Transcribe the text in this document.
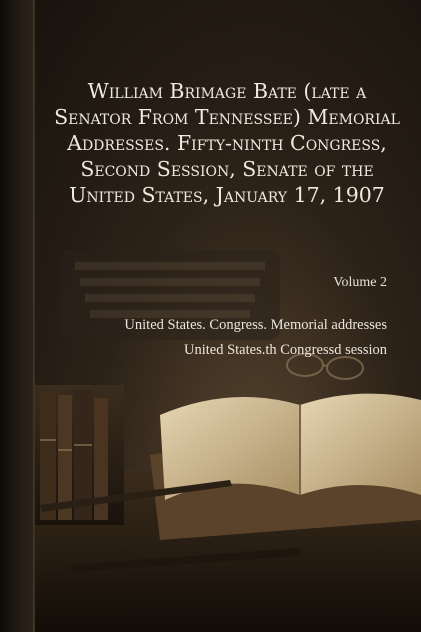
William Brimage Bate (late a Senator From Tennessee) Memorial Addresses. Fifty-ninth Congress, Second Session, Senate of the United States, January 17, 1907
Volume 2
United States. Congress. Memorial addresses
United States.th Congressd session
